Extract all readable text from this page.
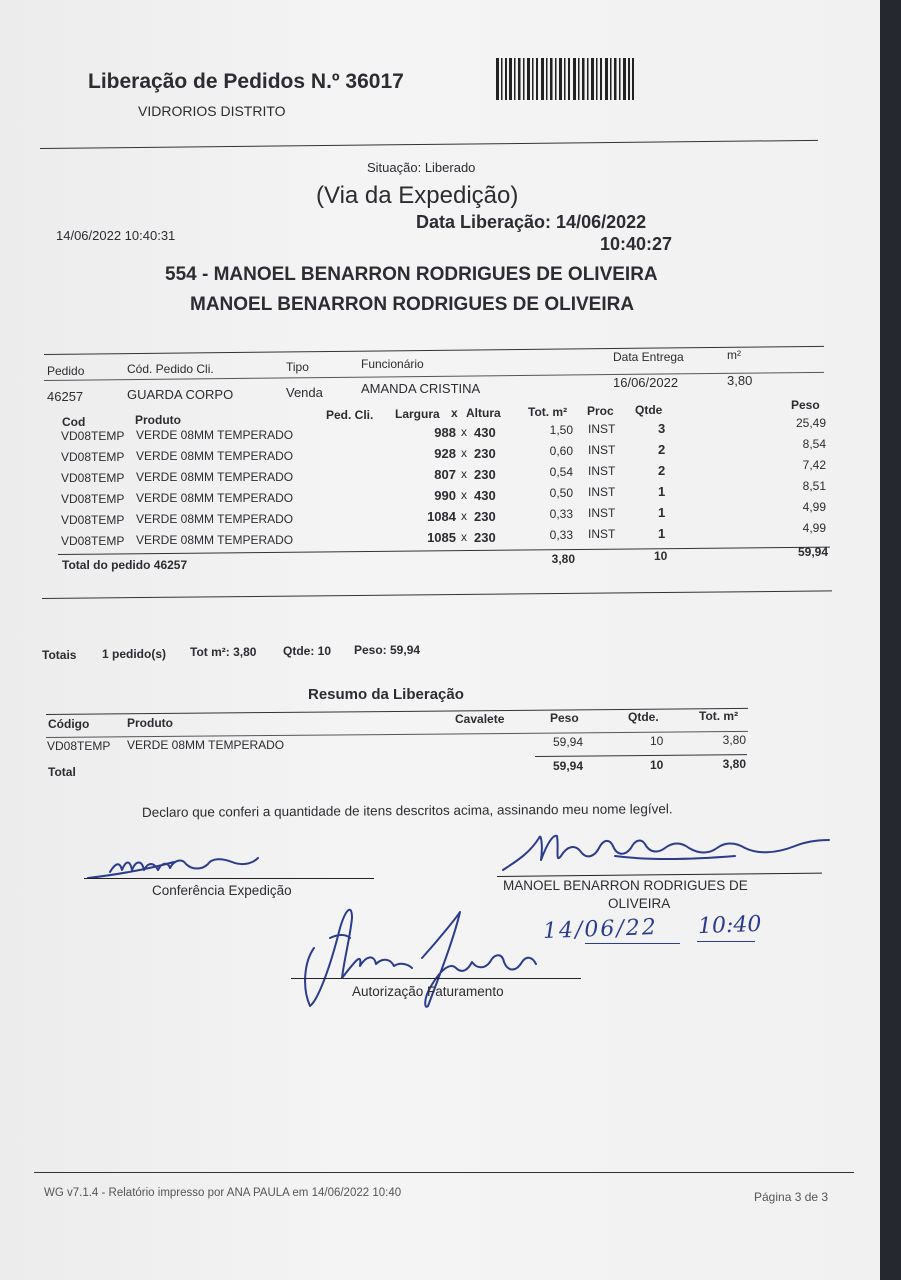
Liberação de Pedidos N.º 36017
VIDRORIOS DISTRITO
Situação: Liberado
(Via da Expedição)
14/06/2022 10:40:31
Data Liberação: 14/06/2022
10:40:27
554 - MANOEL BENARRON RODRIGUES DE OLIVEIRA
MANOEL BENARRON RODRIGUES DE OLIVEIRA
Pedido	Cód. Pedido Cli.	Tipo	Funcionário	Data Entrega	m²
46257	GUARDA CORPO	Venda	AMANDA CRISTINA	16/06/2022	3,80
Cod	Produto	Ped. Cli. Largura x Altura Tot. m² Proc Qtde	Peso
VD08TEMP VERDE 08MM TEMPERADO	988 x 430	1,50 INST	3	25,49
VD08TEMP VERDE 08MM TEMPERADO	928 x 230	0,60 INST	2	8,54
VD08TEMP VERDE 08MM TEMPERADO	807 x 230	0,54 INST	2	7,42
VD08TEMP VERDE 08MM TEMPERADO	990 x 430	0,50 INST	1	8,51
VD08TEMP VERDE 08MM TEMPERADO	1084 x 230	0,33 INST	1	4,99
VD08TEMP VERDE 08MM TEMPERADO	1085 x 230	0,33 INST	1	4,99
Total do pedido 46257	3,80	10	59,94
Totais 1 pedido(s) Tot m²: 3,80 Qtde: 10 Peso: 59,94
Resumo da Liberação
Código	Produto	Cavalete	Peso	Qtde.	Tot. m²
VD08TEMP VERDE 08MM TEMPERADO	59,94	10	3,80
Total	59,94	10	3,80
Declaro que conferi a quantidade de itens descritos acima, assinando meu nome legível.
Conferência Expedição	MANOEL BENARRON RODRIGUES DE
OLIVEIRA
14/06/22 10:40
Autorização Faturamento
WG v7.1.4 - Relatório impresso por ANA PAULA em 14/06/2022 10:40	Página 3 de 3
